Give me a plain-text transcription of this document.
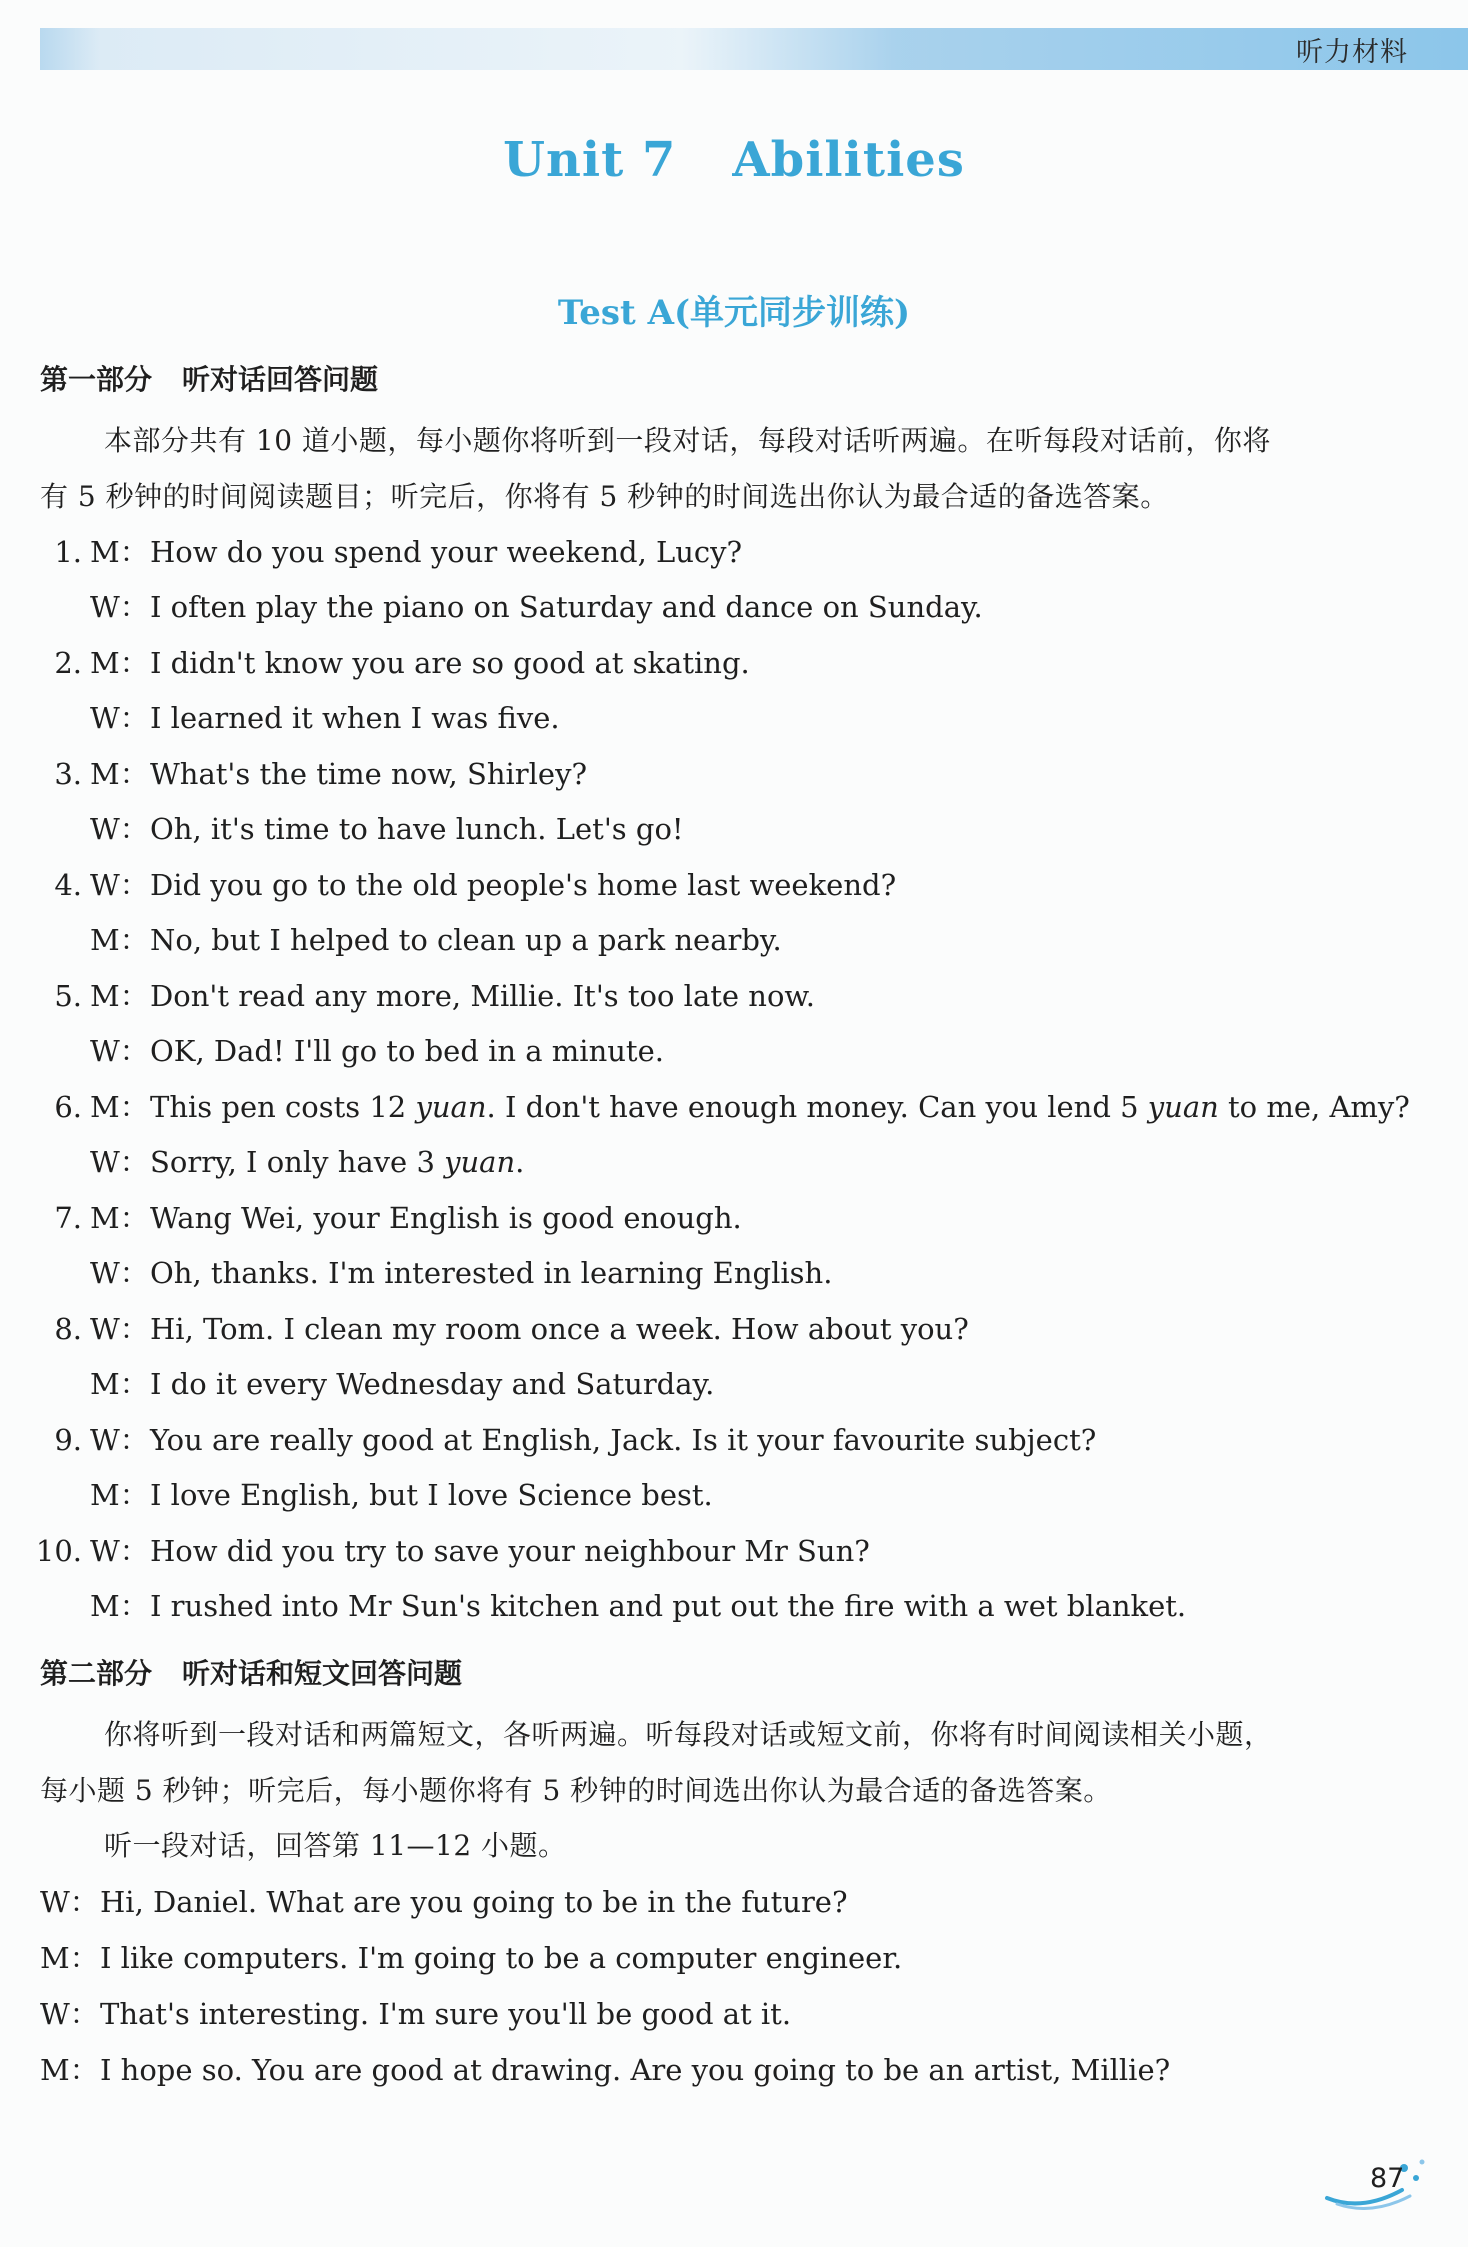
听力材料
Unit 7 Abilities
Test A(单元同步训练)
第一部分 听对话回答问题
本部分共有 10 道小题，每小题你将听到一段对话，每段对话听两遍。在听每段对话前，你将
有 5 秒钟的时间阅读题目；听完后，你将有 5 秒钟的时间选出你认为最合适的备选答案。
1. M：How do you spend your weekend, Lucy?
W：I often play the piano on Saturday and dance on Sunday.
2. M：I didn't know you are so good at skating.
W：I learned it when I was five.
3. M：What's the time now, Shirley?
W：Oh, it's time to have lunch. Let's go!
4. W：Did you go to the old people's home last weekend?
M：No, but I helped to clean up a park nearby.
5. M：Don't read any more, Millie. It's too late now.
W：OK, Dad! I'll go to bed in a minute.
6. M：This pen costs 12 yuan. I don't have enough money. Can you lend 5 yuan to me, Amy?
W：Sorry, I only have 3 yuan.
7. M：Wang Wei, your English is good enough.
W：Oh, thanks. I'm interested in learning English.
8. W：Hi, Tom. I clean my room once a week. How about you?
M：I do it every Wednesday and Saturday.
9. W：You are really good at English, Jack. Is it your favourite subject?
M：I love English, but I love Science best.
10. W：How did you try to save your neighbour Mr Sun?
M：I rushed into Mr Sun's kitchen and put out the fire with a wet blanket.
第二部分 听对话和短文回答问题
你将听到一段对话和两篇短文，各听两遍。听每段对话或短文前，你将有时间阅读相关小题，
每小题 5 秒钟；听完后，每小题你将有 5 秒钟的时间选出你认为最合适的备选答案。
听一段对话，回答第 11—12 小题。
W：Hi, Daniel. What are you going to be in the future?
M：I like computers. I'm going to be a computer engineer.
W：That's interesting. I'm sure you'll be good at it.
M：I hope so. You are good at drawing. Are you going to be an artist, Millie?
87
